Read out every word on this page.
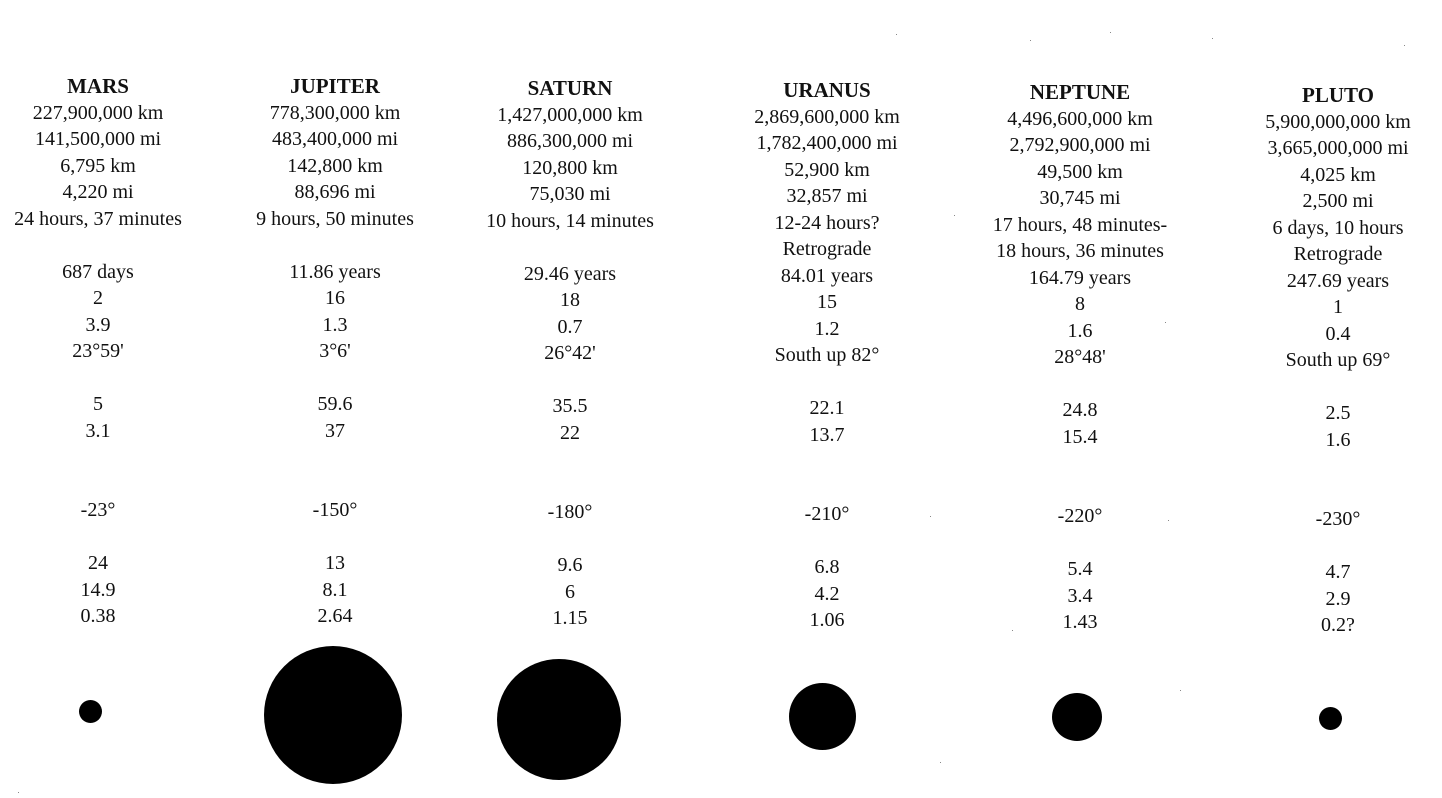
MARS
227,900,000 km
141,500,000 mi
6,795 km
4,220 mi
24 hours, 37 minutes
687 days
2
3.9
23°59'
5
3.1
-23°
24
14.9
0.38
JUPITER
778,300,000 km
483,400,000 mi
142,800 km
88,696 mi
9 hours, 50 minutes
11.86 years
16
1.3
3°6'
59.6
37
-150°
13
8.1
2.64
SATURN
1,427,000,000 km
886,300,000 mi
120,800 km
75,030 mi
10 hours, 14 minutes
29.46 years
18
0.7
26°42'
35.5
22
-180°
9.6
6
1.15
URANUS
2,869,600,000 km
1,782,400,000 mi
52,900 km
32,857 mi
12-24 hours?
Retrograde
84.01 years
15
1.2
South up 82°
22.1
13.7
-210°
6.8
4.2
1.06
NEPTUNE
4,496,600,000 km
2,792,900,000 mi
49,500 km
30,745 mi
17 hours, 48 minutes-
18 hours, 36 minutes
164.79 years
8
1.6
28°48'
24.8
15.4
-220°
5.4
3.4
1.43
PLUTO
5,900,000,000 km
3,665,000,000 mi
4,025 km
2,500 mi
6 days, 10 hours
Retrograde
247.69 years
1
0.4
South up 69°
2.5
1.6
-230°
4.7
2.9
0.2?
